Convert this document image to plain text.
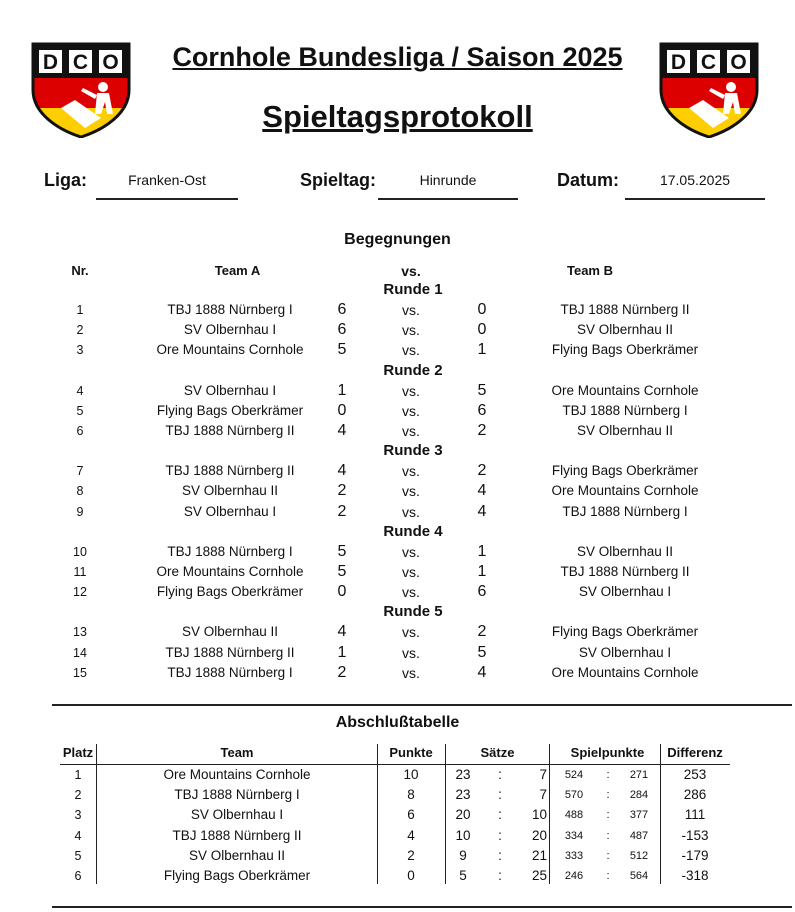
D C O	D C O
Cornhole Bundesliga / Saison 2025
Spieltagsprotokoll
Liga:	Franken-Ost	Spieltag:	Hinrunde	Datum:	17.05.2025
Begegnungen
Nr.	Team A	vs.	Team B
Runde 1
1	TBJ 1888 Nürnberg I	6	vs.	0	TBJ 1888 Nürnberg II
2	SV Olbernhau I	6	vs.	0	SV Olbernhau II
3	Ore Mountains Cornhole	5	vs.	1	Flying Bags Oberkrämer
Runde 2
4	SV Olbernhau I	1	vs.	5	Ore Mountains Cornhole
5	Flying Bags Oberkrämer	0	vs.	6	TBJ 1888 Nürnberg I
6	TBJ 1888 Nürnberg II	4	vs.	2	SV Olbernhau II
Runde 3
7	TBJ 1888 Nürnberg II	4	vs.	2	Flying Bags Oberkrämer
8	SV Olbernhau II	2	vs.	4	Ore Mountains Cornhole
9	SV Olbernhau I	2	vs.	4	TBJ 1888 Nürnberg I
Runde 4
10	TBJ 1888 Nürnberg I	5	vs.	1	SV Olbernhau II
11	Ore Mountains Cornhole	5	vs.	1	TBJ 1888 Nürnberg II
12	Flying Bags Oberkrämer	0	vs.	6	SV Olbernhau I
Runde 5
13	SV Olbernhau II	4	vs.	2	Flying Bags Oberkrämer
14	TBJ 1888 Nürnberg II	1	vs.	5	SV Olbernhau I
15	TBJ 1888 Nürnberg I	2	vs.	4	Ore Mountains Cornhole
Abschlußtabelle
Platz	Team	Punkte	Sätze	Spielpunkte	Differenz
1	Ore Mountains Cornhole	10	23	:	7	524	:	271	253
2	TBJ 1888 Nürnberg I	8	23	:	7	570	:	284	286
3	SV Olbernhau I	6	20	:	10	488	:	377	111
4	TBJ 1888 Nürnberg II	4	10	:	20	334	:	487	-153
5	SV Olbernhau II	2	9	:	21	333	:	512	-179
6	Flying Bags Oberkrämer	0	5	:	25	246	:	564	-318
